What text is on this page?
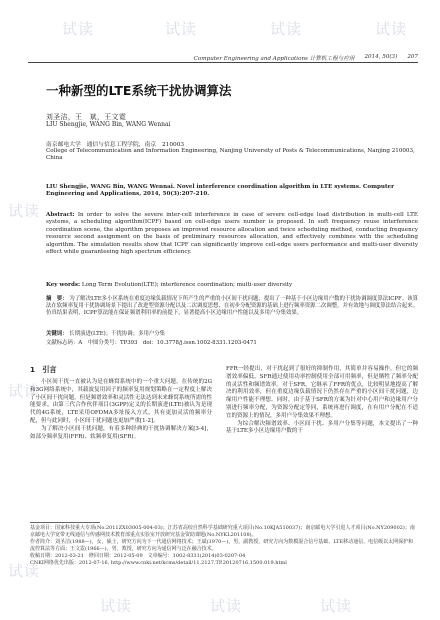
试读	试读	试读	试读
试读
试读
试读
试读	试读	试读
Computer Engineering and Applications 计算机工程与应用 2014, 50(3) 207
一种新型的LTE系统干扰协调算法
刘圣洁，王　斌，王文霓
LIU Shengjie, WANG Bin, WANG Wennai
南京邮电大学　通信与信息工程学院，南京　210003
College of Telecommunication and Information Engineering, Nanjing University of Posts & Telecommunications, Nanjing 210003, China
LIU Shengjie, WANG Bin, WANG Wennai. Novel interference coordination algorithm in LTE systems. Computer Engineering and Applications, 2014, 50(3):207-210.
Abstract: In order to solve the severe inter-cell interference in case of severe cell-edge load distribution in multi-cell LTE systems, a scheduling algorithm(ICPF) based on cell-edge users number is proposed. In soft frequency reuse interference coordination scene, the algorithm proposes an improved resource allocation and twice scheduling method, conducting frequency resource second assignment on the basis of preliminary resources allocation, and effectively combines with the scheduling algorithm. The simulation results show that ICPF can significantly improve cell-edge users performance and multi-user diversity effect while guaranteeing high spectrum efficiency.
Key words: Long Term Evolution(LTE); interference coordination; multi-user diversity
摘　要： 为了解决LTE多小区系统在重度边缘负载情况下所产生的严重的小区间干扰问题，提出了一种基于小区边缘用户数的干扰协调调度算法ICPF。该算法在软频率复用干扰协调场景下提出了改进型资源分配以及二次调度思想，在初步分配资源的基础上进行频率资源二次调整，并有效地与调度算法结合起来。仿真结果表明，ICPF算法能在保证频谱利用率的前提下，显著提高小区边缘用户性能以及多用户分集效果。
关键词： 长期演进(LTE)；干扰协调；多用户分集
文献标志码：A　中图分类号：TP393　doi：10.3778/j.issn.1002-8331.1203-0471
1　引言

小区间干扰一直被认为是在蜂窝系统中的一个重大问题。在传统的2G和3G网络系统中，其载波复用因子的频率复用规划策略在一定程度上解决了小区间干扰问题，但是频谱效率和灵活性无法达到未来蜂窝系统所需的性能要求。由第三代合作伙伴项目(3GPP)定义的长期演进(LTE)被认为是现代的4G系统，LTE采用OFDMA多址接入方式，其有更加灵活的频率分配，但与此同时，小区间干扰问题也更加严重[1-2]。

为了解决小区间干扰问题，有着多种经典的干扰协调解决方案[3-4]，如部分频率复用(FFR)、软频率复用(SFR)。

FFR一经提出，对干扰起到了很好的抑制作用，其简单并容易操作，但它的频谱效率偏低。SFR通过使用功率控制使用全部可用频率，但是牺牲了频率分配的灵活性和频谱效率。对于SFR，它继承了FFR的优点，比较明显地提高了解决的利用效率，但在重度边缘负载情况下仍然存在严重的小区间干扰问题，边缘用户性能不理想。同时，由于基于SFR的方案为针对中心用户和边缘用户分别进行频率分配，为资源分配定等同，系统再进行调度，在有用户分配在不适宜的资源上的情况，多用户分集效果不理想。

为综合解决频谱效率、小区间干扰、多用户分集等问题，本文提出了一种基于LTE多小区边缘用户数的干

基金项目：国家科技重大专项(No.2011ZX03005-004-03)；江苏省高校自然科学基础研究重大项目(No.10KJA510037)；南京邮电大学引进人才项目(No.NY209002)；南京邮电大学宽带无线通信与传感网技术教育部重点实验室开放研究基金资助课题(No.NYKL201108)。
作者简介：刘圣洁(1988—)，女，硕士，研究方向为下一代通信网络技术；王斌(1970—)，男，副教授，研究方向为数模混合信号基础、LTE移动通信、电信级以太网保护和流控算法等方面；王文霓(1966—)，男，教授，研究方向为通信网与泛在融合技术。
收稿日期：2012-03-21　修回日期：2012-05-09　文章编号：1002-8331(2014)03-0207-04
CNKI网络优先出版：2012-07-16, http://www.cnki.net/kcms/detail/11.2127.TP.20120716.1500.019.html
